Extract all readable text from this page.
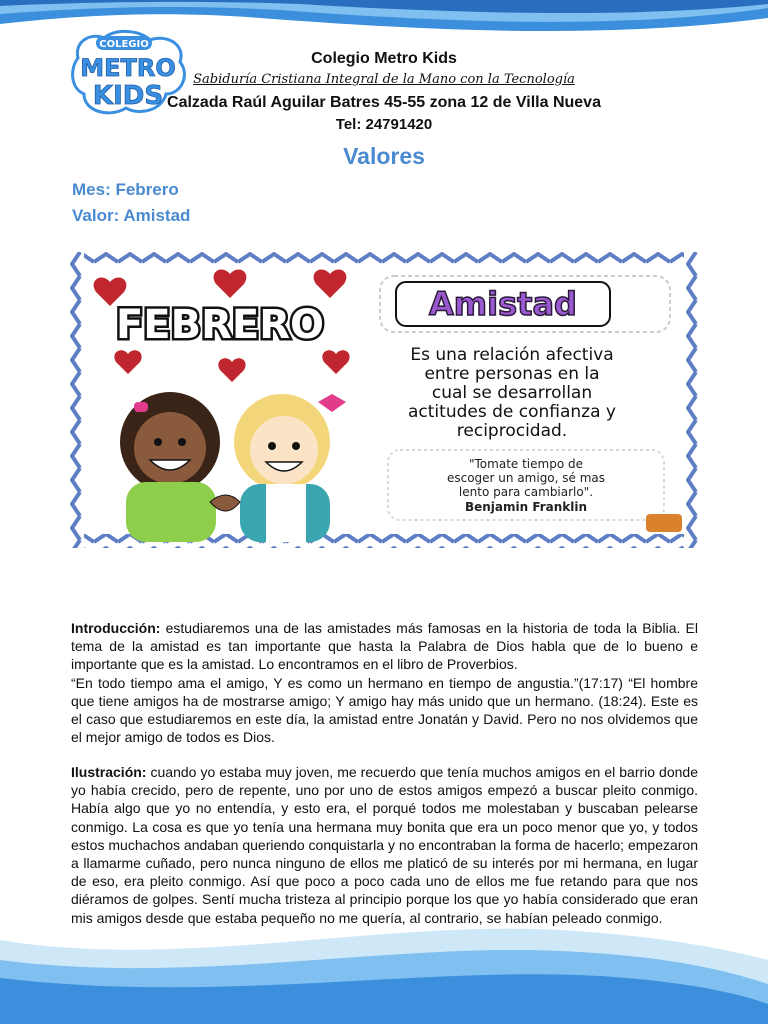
COLEGIO
METRO
KIDS
Colegio Metro Kids
Sabiduría Cristiana Integral de la Mano con la Tecnología
Calzada Raúl Aguilar Batres 45-55 zona 12 de Villa Nueva
Tel: 24791420
Valores
Mes: Febrero
Valor: Amistad
FEBRERO	Amistad
Es una relación afectiva
entre personas en la
cual se desarrollan
actitudes de confianza y
reciprocidad.
"Tomate tiempo de
escoger un amigo, sé mas
lento para cambiarlo".
Benjamin Franklin

Introducción: estudiaremos una de las amistades más famosas en la historia de toda la Biblia. El tema de la amistad es tan importante que hasta la Palabra de Dios habla que de lo bueno e importante que es la amistad. Lo encontramos en el libro de Proverbios.

“En todo tiempo ama el amigo, Y es como un hermano en tiempo de angustia.”(17:17) “El hombre que tiene amigos ha de mostrarse amigo; Y amigo hay más unido que un hermano. (18:24). Este es el caso que estudiaremos en este día, la amistad entre Jonatán y David. Pero no nos olvidemos que el mejor amigo de todos es Dios.

Ilustración: cuando yo estaba muy joven, me recuerdo que tenía muchos amigos en el barrio donde yo había crecido, pero de repente, uno por uno de estos amigos empezó a buscar pleito conmigo. Había algo que yo no entendía, y esto era, el porqué todos me molestaban y buscaban pelearse conmigo. La cosa es que yo tenía una hermana muy bonita que era un poco menor que yo, y todos estos muchachos andaban queriendo conquistarla y no encontraban la forma de hacerlo; empezaron a llamarme cuñado, pero nunca ninguno de ellos me platicó de su interés por mi hermana, en lugar de eso, era pleito conmigo. Así que poco a poco cada uno de ellos me fue retando para que nos diéramos de golpes. Sentí mucha tristeza al principio porque los que yo había considerado que eran mis amigos desde que estaba pequeño no me quería, al contrario, se habían peleado conmigo.
